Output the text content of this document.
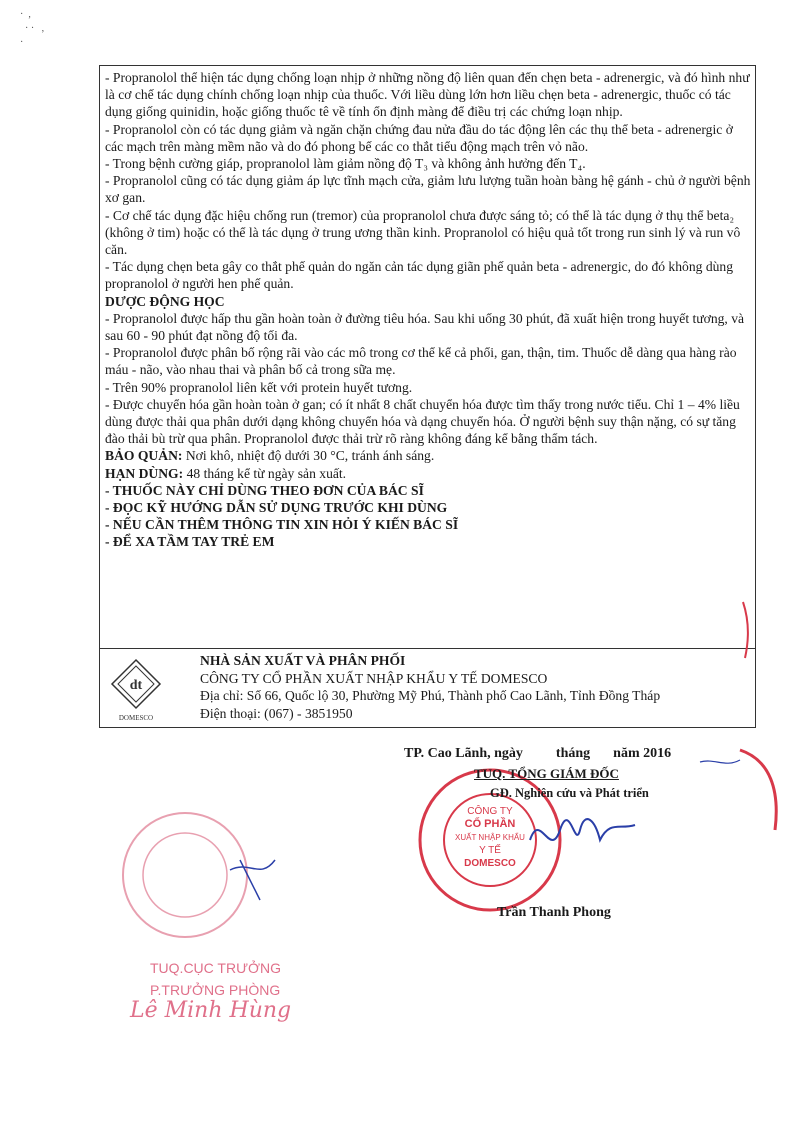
·  ,
· ·   ,
·

- Propranolol thể hiện tác dụng chống loạn nhịp ở những nồng độ liên quan đến chẹn beta - adrenergic, và đó hình như là cơ chế tác dụng chính chống loạn nhịp của thuốc. Với liều dùng lớn hơn liều chẹn beta - adrenergic, thuốc có tác dụng giống quinidin, hoặc giống thuốc tê về tính ổn định màng để điều trị các chứng loạn nhịp.

- Propranolol còn có tác dụng giảm và ngăn chặn chứng đau nửa đầu do tác động lên các thụ thể beta - adrenergic ở các mạch trên màng mềm não và do đó phong bế các co thắt tiểu động mạch trên vỏ não.

- Trong bệnh cường giáp, propranolol làm giảm nồng độ T₃ và không ảnh hưởng đến T₄.

- Propranolol cũng có tác dụng giảm áp lực tĩnh mạch cửa, giảm lưu lượng tuần hoàn bàng hệ gánh - chủ ở người bệnh xơ gan.

- Cơ chế tác dụng đặc hiệu chống run (tremor) của propranolol chưa được sáng tỏ; có thể là tác dụng ở thụ thể beta₂ (không ở tim) hoặc có thể là tác dụng ở trung ương thần kinh. Propranolol có hiệu quả tốt trong run sinh lý và run vô căn.

- Tác dụng chẹn beta gây co thắt phế quản do ngăn cản tác dụng giãn phế quản beta - adrenergic, do đó không dùng propranolol ở người hen phế quản.

DƯỢC ĐỘNG HỌC

- Propranolol được hấp thu gần hoàn toàn ở đường tiêu hóa. Sau khi uống 30 phút, đã xuất hiện trong huyết tương, và sau 60 - 90 phút đạt nồng độ tối đa.

- Propranolol được phân bố rộng rãi vào các mô trong cơ thể kể cả phổi, gan, thận, tim. Thuốc dễ dàng qua hàng rào máu - não, vào nhau thai và phân bố cả trong sữa mẹ.

- Trên 90% propranolol liên kết với protein huyết tương.

- Được chuyển hóa gần hoàn toàn ở gan; có ít nhất 8 chất chuyển hóa được tìm thấy trong nước tiểu. Chỉ 1 – 4% liều dùng được thải qua phân dưới dạng không chuyển hóa và dạng chuyển hóa. Ở người bệnh suy thận nặng, có sự tăng đào thải bù trừ qua phân. Propranolol được thải trừ rõ ràng không đáng kể bằng thẩm tách.

BẢO QUẢN: Nơi khô, nhiệt độ dưới 30 °C, tránh ánh sáng.

HẠN DÙNG: 48 tháng kể từ ngày sản xuất.

- THUỐC NÀY CHỈ DÙNG THEO ĐƠN CỦA BÁC SĨ

- ĐỌC KỸ HƯỚNG DẪN SỬ DỤNG TRƯỚC KHI DÙNG

- NẾU CẦN THÊM THÔNG TIN XIN HỎI Ý KIẾN BÁC SĨ

- ĐỂ XA TẦM TAY TRẺ EM

dt
DOMESCO
NHÀ SẢN XUẤT VÀ PHÂN PHỐI
CÔNG TY CỔ PHẦN XUẤT NHẬP KHẨU Y TẾ DOMESCO
Địa chỉ: Số 66, Quốc lộ 30, Phường Mỹ Phú, Thành phố Cao Lãnh, Tỉnh Đồng Tháp
Điện thoại: (067) - 3851950
CÔNG TY
CỔ PHẦN
XUẤT NHẬP KHẨU
Y TẾ
DOMESCO
TP. Cao Lãnh, ngày tháng năm 2016
TUQ. TỔNG GIÁM ĐỐC
GĐ. Nghiên cứu và Phát triển
Trần Thanh Phong
TUQ.CỤC TRƯỞNG
P.TRƯỞNG PHÒNG
Lê Minh Hùng
